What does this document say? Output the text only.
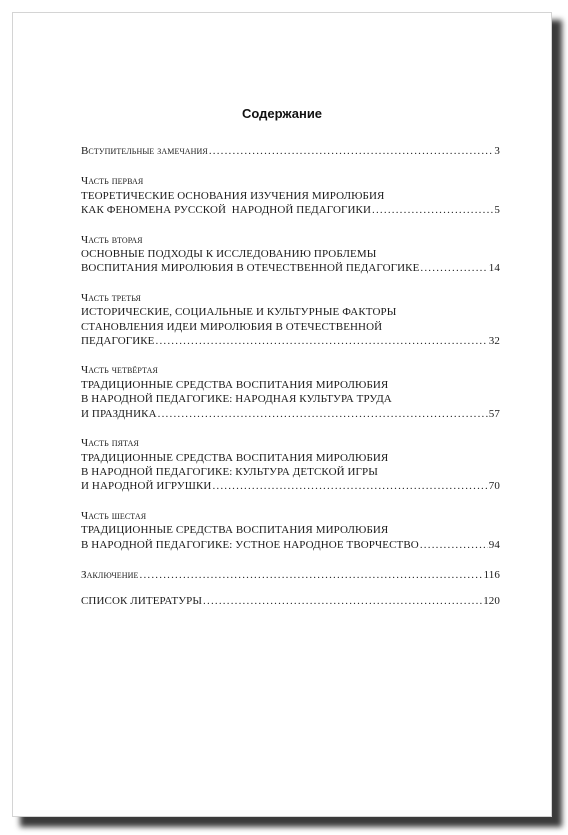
Содержание
Вступительные замечания .....	3
Часть первая
ТЕОРЕТИЧЕСКИЕ ОСНОВАНИЯ ИЗУЧЕНИЯ МИРОЛЮБИЯ
КАК ФЕНОМЕНА РУССКОЙ  НАРОДНОЙ ПЕДАГОГИКИ .....	5
Часть вторая
ОСНОВНЫЕ ПОДХОДЫ К ИССЛЕДОВАНИЮ ПРОБЛЕМЫ
ВОСПИТАНИЯ МИРОЛЮБИЯ В ОТЕЧЕСТВЕННОЙ ПЕДАГОГИКЕ .....	14
Часть третья
ИСТОРИЧЕСКИЕ, СОЦИАЛЬНЫЕ И КУЛЬТУРНЫЕ ФАКТОРЫ
СТАНОВЛЕНИЯ ИДЕИ МИРОЛЮБИЯ В ОТЕЧЕСТВЕННОЙ
ПЕДАГОГИКЕ .....	32
Часть четвёртая
ТРАДИЦИОННЫЕ СРЕДСТВА ВОСПИТАНИЯ МИРОЛЮБИЯ
В НАРОДНОЙ ПЕДАГОГИКЕ: НАРОДНАЯ КУЛЬТУРА ТРУДА
И ПРАЗДНИКА .....	57
Часть пятая
ТРАДИЦИОННЫЕ СРЕДСТВА ВОСПИТАНИЯ МИРОЛЮБИЯ
В НАРОДНОЙ ПЕДАГОГИКЕ: КУЛЬТУРА ДЕТСКОЙ ИГРЫ
И НАРОДНОЙ ИГРУШКИ .....	70
Часть шестая
ТРАДИЦИОННЫЕ СРЕДСТВА ВОСПИТАНИЯ МИРОЛЮБИЯ
В НАРОДНОЙ ПЕДАГОГИКЕ: УСТНОЕ НАРОДНОЕ ТВОРЧЕСТВО .....	94
Заключение .....	116
СПИСОК ЛИТЕРАТУРЫ .....	120
